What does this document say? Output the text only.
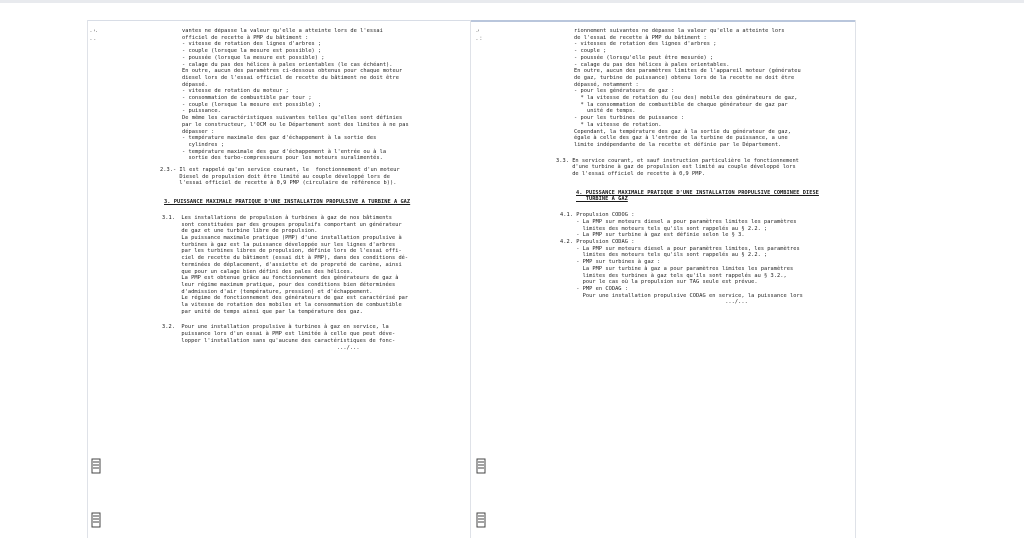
· '·
. .
·'
. :

vantes ne dépasse la valeur qu'elle a atteinte lors de l'essai

officiel de recette à PMP du bâtiment :

- vitesse de rotation des lignes d'arbres ;

- couple (lorsque la mesure est possible) ;

- poussée (lorsque la mesure est possible) ;

- calage du pas des hélices à pales orientables (le cas échéant).

En outre, aucun des paramètres ci-dessous obtenus pour chaque moteur

diesel lors de l'essai officiel de recette du bâtiment ne doit être

dépassé.

- vitesse de rotation du moteur ;

- consommation de combustible par tour ;

- couple (lorsque la mesure est possible) ;

- puissance.

De même les caractéristiques suivantes telles qu'elles sont définies

par le constructeur, l'OCM ou le Département sont des limites à ne pas

dépasser :

- température maximale des gaz d'échappement à la sortie des

cylindres ;

- température maximale des gaz d'échappement à l'entrée ou à la

sortie des turbo-compresseurs pour les moteurs suralimentés.

2.3.- Il est rappelé qu'en service courant, le  fonctionnement d'un moteur

Diesel de propulsion doit être limité au couple développé lors de

l'essai officiel de recette à 0,9 PMP (circulaire de référence b)).

3. PUISSANCE MAXIMALE PRATIQUE D'UNE INSTALLATION PROPULSIVE A TURBINE A GAZ

3.1.  Les installations de propulsion à turbines à gaz de nos bâtiments

sont constituées par des groupes propulsifs comportant un générateur

de gaz et une turbine libre de propulsion.

La puissance maximale pratique (PMP) d'une installation propulsive à

turbines à gaz est la puissance développée sur les lignes d'arbres

par les turbines libres de propulsion, définie lors de l'essai offi-

ciel de recette du bâtiment (essai dit à PMP), dans des conditions dé-

terminées de déplacement, d'assiette et de propreté de carène, ainsi

que pour un calage bien défini des pales des hélices.

La PMP est obtenue grâce au fonctionnement des générateurs de gaz à

leur régime maximum pratique, pour des conditions bien déterminées

d'admission d'air (température, pression) et d'échappement.

Le régime de fonctionnement des générateurs de gaz est caractérisé par

la vitesse de rotation des mobiles et la consommation de combustible

par unité de temps ainsi que par la température des gaz.

3.2.  Pour une installation propulsive à turbines à gaz en service, la

puissance lors d'un essai à PMP est limitée à celle que peut déve-

lopper l'installation sans qu'aucune des caractéristiques de fonc-

.../...

rionnement suivantes ne dépasse la valeur qu'elle a atteinte lors

de l'essai de recette à PMP du bâtiment :

- vitesses de rotation des lignes d'arbres ;

- couple ;

- poussée (lorsqu'elle peut être mesurée) ;

- calage du pas des hélices à pales orientables.

En outre, aucun des paramètres limites de l'appareil moteur (générateu

de gaz, turbine de puissance) obtenu lors de la recette ne doit être

dépassé, notamment :

- pour les générateurs de gaz :

* la vitesse de rotation du (ou des) mobile des générateurs de gaz,

* la consommation de combustible de chaque générateur de gaz par

unité de temps.

- pour les turbines de puissance :

* la vitesse de rotation.

Cependant, la température des gaz à la sortie du générateur de gaz,

égale à celle des gaz à l'entrée de la turbine de puissance, a une

limite indépendante de la recette et définie par le Département.

3.3. En service courant, et sauf instruction particulière le fonctionnement

d'une turbine à gaz de propulsion est limité au couple développé lors

de l'essai officiel de recette à 0,9 PMP.

4. PUISSANCE MAXIMALE PRATIQUE D'UNE INSTALLATION PROPULSIVE COMBINEE DIESE

TURBINE A GAZ

4.1. Propulsion CODOG :

- La PMP sur moteurs diesel a pour paramètres limites les paramètres

limites des moteurs tels qu'ils sont rappelés au § 2.2. ;

- La PMP sur turbine à gaz est définie selon le § 3.

4.2. Propulsion CODAG :

- La PMP sur moteurs diesel a pour paramètres limites, les paramètres

limites des moteurs tels qu'ils sont rappelés au § 2.2. ;

- PMP sur turbines à gaz :

La PMP sur turbine à gaz a pour paramètres limites les paramètres

limites des turbines à gaz tels qu'ils sont rappelés au § 3.2.,

pour le cas où la propulsion sur TAG seule est prévue.

- PMP en CODAG :

Pour une installation propulsive CODAG en service, la puissance lors

.../...
